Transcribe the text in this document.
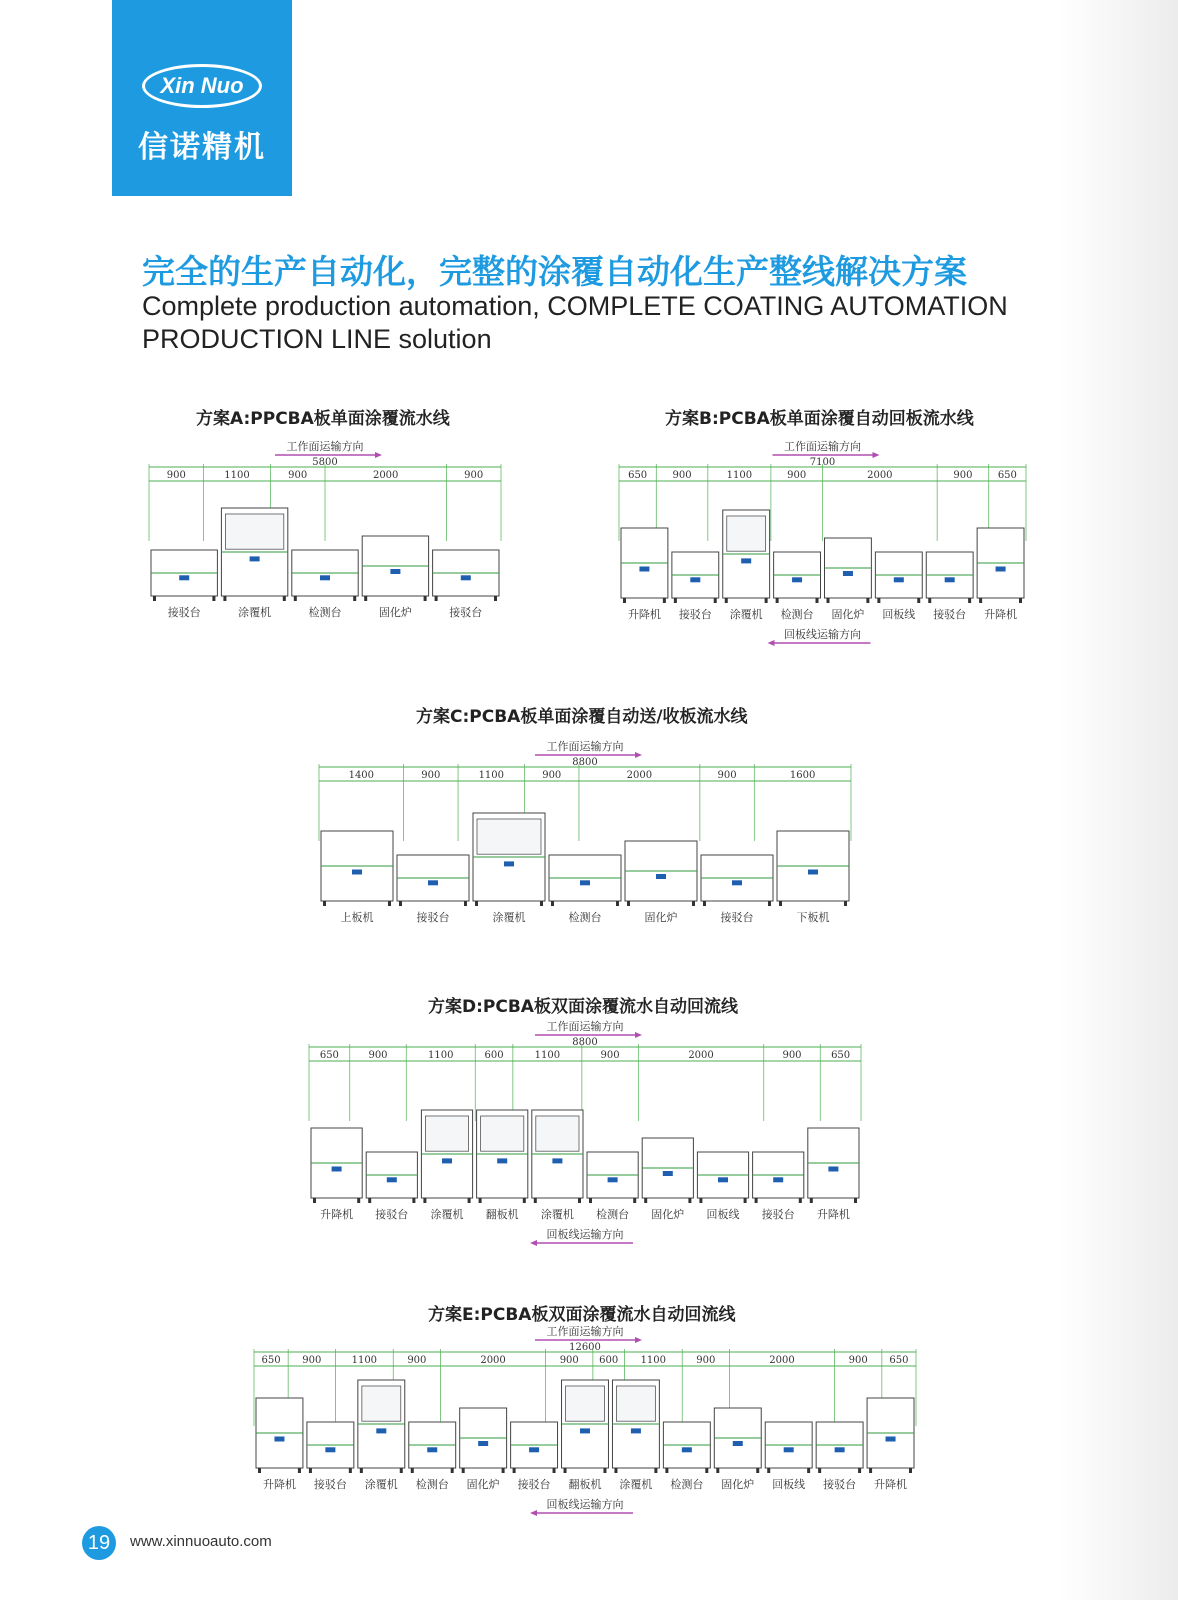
Xin Nuo
信诺精机
完全的生产自动化，完整的涂覆自动化生产整线解决方案
Complete production automation, COMPLETE COATING AUTOMATION PRODUCTION LINE solution
方案A:PPCBA板单面涂覆流水线
工作面运输方向
5800
900	1100	900	2000	900
接驳台	涂覆机	检测台	固化炉	接驳台
方案B:PCBA板单面涂覆自动回板流水线
工作面运输方向
7100
650	900	1100	900	2000	900	650
升降机 接驳台 涂覆机 检测台 固化炉 回板线 接驳台 升降机
回板线运输方向
方案C:PCBA板单面涂覆自动送/收板流水线
工作面运输方向
8800
1400	900	1100	900	2000	900	1600
上板机	接驳台	涂覆机	检测台	固化炉	接驳台	下板机
方案D:PCBA板双面涂覆流水自动回流线
工作面运输方向
8800
650	900	1100	600	1100	900	2000	900	650
升降机 接驳台 涂覆机 翻板机 涂覆机 检测台 固化炉 回板线 接驳台 升降机
回板线运输方向
方案E:PCBA板双面涂覆流水自动回流线
工作面运输方向
12600
650 900	1100	900	2000	900 600 1100	900	2000	900 650
升降机 接驳台 涂覆机 检测台 固化炉 接驳台 翻板机 涂覆机 检测台 固化炉 回板线 接驳台 升降机
回板线运输方向
19	www.xinnuoauto.com
